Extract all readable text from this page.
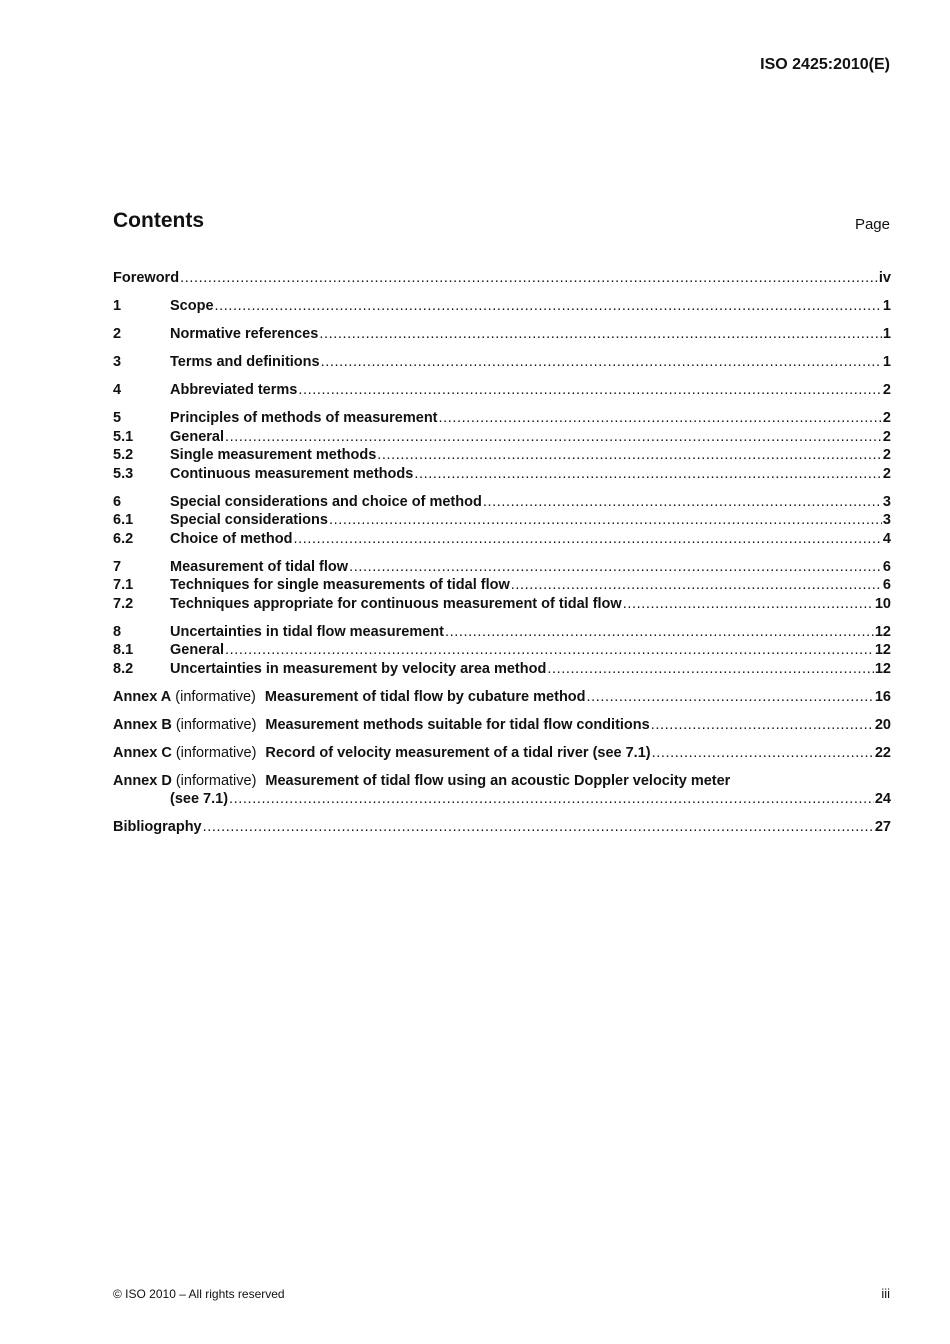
ISO 2425:2010(E)
Contents	Page
Foreword .....	iv
1	Scope .....	1
2	Normative references .....	1
3	Terms and definitions .....	1
4	Abbreviated terms .....	2
5	Principles of methods of measurement .....	2
5.1	General .....	2
5.2	Single measurement methods .....	2
5.3	Continuous measurement methods .....	2
6	Special considerations and choice of method .....	3
6.1	Special considerations .....	3
6.2	Choice of method .....	4
7	Measurement of tidal flow .....	6
7.1	Techniques for single measurements of tidal flow .....	6
7.2	Techniques appropriate for continuous measurement of tidal flow .....	10
8	Uncertainties in tidal flow measurement .....	12
8.1	General .....	12
8.2	Uncertainties in measurement by velocity area method .....	12
Annex A (informative) Measurement of tidal flow by cubature method .....	16
Annex B (informative) Measurement methods suitable for tidal flow conditions .....	20
Annex C (informative) Record of velocity measurement of a tidal river (see 7.1) .....	22
Annex D (informative) Measurement of tidal flow using an acoustic Doppler velocity meter
(see 7.1) .....	24
Bibliography .....	27
© ISO 2010 – All rights reserved	iii
